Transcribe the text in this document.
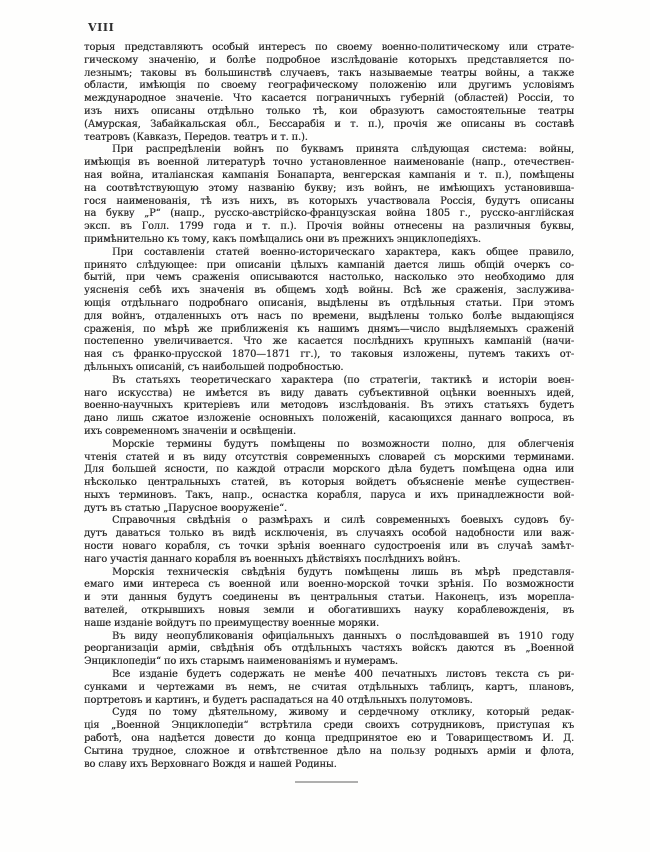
VIII
торыя представляютъ особый интересъ по своему военно-политическому или страте-
гическому значенію, и болѣе подробное изслѣдованіе которыхъ представляется по-
лезнымъ; таковы въ большинствѣ случаевъ, такъ называемые театры войны, а также
области, имѣющія по своему географическому положенію или другимъ условіямъ
международное значеніе. Что касается пограничныхъ губерній (областей) Россіи, то
изъ нихъ описаны отдѣльно только тѣ, кои образуютъ самостоятельные театры
(Амурская, Забайкальская обл., Бессарабія и т. п.), прочія же описаны въ составѣ
театровъ (Кавказъ, Передов. театръ и т. п.).
При распредѣленіи войнъ по буквамъ принята слѣдующая система: войны,
имѣющія въ военной литературѣ точно установленное наименованіе (напр., отечествен-
ная война, италіанская кампанія Бонапарта, венгерская кампанія и т. п.), помѣщены
на соотвѣтствующую этому названію букву; изъ войнъ, не имѣющихъ установивша-
гося наименованія, тѣ изъ нихъ, въ которыхъ участвовала Россія, будутъ описаны
на букву „Р“ (напр., русско-австрійско-французская война 1805 г., русско-англійская
эксп. въ Голл. 1799 года и т. п.). Прочія войны отнесены на различныя буквы,
примѣнительно къ тому, какъ помѣщались они въ прежнихъ энциклопедіяхъ.
При составленіи статей военно-историческаго характера, какъ общее правило,
принято слѣдующее: при описаніи цѣлыхъ кампаній дается лишь общій очеркъ со-
бытій, при чемъ сраженія описываются настолько, насколько это необходимо для
уясненія себѣ ихъ значенія въ общемъ ходѣ войны. Всѣ же сраженія, заслужива-
ющія отдѣльнаго подробнаго описанія, выдѣлены въ отдѣльныя статьи. При этомъ
для войнъ, отдаленныхъ отъ насъ по времени, выдѣлены только болѣе выдающіяся
сраженія, по мѣрѣ же приближенія къ нашимъ днямъ—число выдѣляемыхъ сраженій
постепенно увеличивается. Что же касается послѣднихъ крупныхъ кампаній (начи-
ная съ франко-прусской 1870—1871 гг.), то таковыя изложены, путемъ такихъ от-
дѣльныхъ описаній, съ наибольшей подробностью.
Въ статьяхъ теоретическаго характера (по стратегіи, тактикѣ и исторіи воен-
наго искусства) не имѣется въ виду давать субъективной оцѣнки военныхъ идей,
военно-научныхъ критеріевъ или методовъ изслѣдованія. Въ этихъ статьяхъ будетъ
дано лишь сжатое изложеніе основныхъ положеній, касающихся даннаго вопроса, въ
ихъ современномъ значеніи и освѣщеніи.
Морскіе термины будутъ помѣщены по возможности полно, для облегченія
чтенія статей и въ виду отсутствія современныхъ словарей съ морскими терминами.
Для большей ясности, по каждой отрасли морского дѣла будетъ помѣщена одна или
нѣсколько центральныхъ статей, въ которыя войдетъ объясненіе менѣе существен-
ныхъ терминовъ. Такъ, напр., оснастка корабля, паруса и ихъ принадлежности вой-
дутъ въ статью „Парусное вооруженіе“.
Справочныя свѣдѣнія о размѣрахъ и силѣ современныхъ боевыхъ судовъ бу-
дутъ даваться только въ видѣ исключенія, въ случаяхъ особой надобности или важ-
ности новаго корабля, съ точки зрѣнія военнаго судостроенія или въ случаѣ замѣт-
наго участія даннаго корабля въ военныхъ дѣйствіяхъ послѣднихъ войнъ.
Морскія техническія свѣдѣнія будутъ помѣщены лишь въ мѣрѣ представля-
емаго ими интереса съ военной или военно-морской точки зрѣнія. По возможности
и эти данныя будутъ соединены въ центральныя статьи. Наконецъ, изъ морепла-
вателей, открывшихъ новыя земли и обогатившихъ науку кораблевожденія, въ
наше изданіе войдутъ по преимуществу военные моряки.
Въ виду неопубликованія офиціальныхъ данныхъ о послѣдовавшей въ 1910 году
реорганизаціи арміи, свѣдѣнія объ отдѣльныхъ частяхъ войскъ даются въ „Военной
Энциклопедіи“ по ихъ старымъ наименованіямъ и нумерамъ.
Все изданіе будетъ содержать не менѣе 400 печатныхъ листовъ текста съ ри-
сунками и чертежами въ немъ, не считая отдѣльныхъ таблицъ, картъ, плановъ,
портретовъ и картинъ, и будетъ распадаться на 40 отдѣльныхъ полутомовъ.
Судя по тому дѣятельному, живому и сердечному отклику, который редак-
ція „Военной Энциклопедіи“ встрѣтила среди своихъ сотрудниковъ, приступая къ
работѣ, она надѣется довести до конца предпринятое ею и Товариществомъ И. Д.
Сытина трудное, сложное и отвѣтственное дѣло на пользу родныхъ арміи и флота,
во славу ихъ Верховнаго Вождя и нашей Родины.
